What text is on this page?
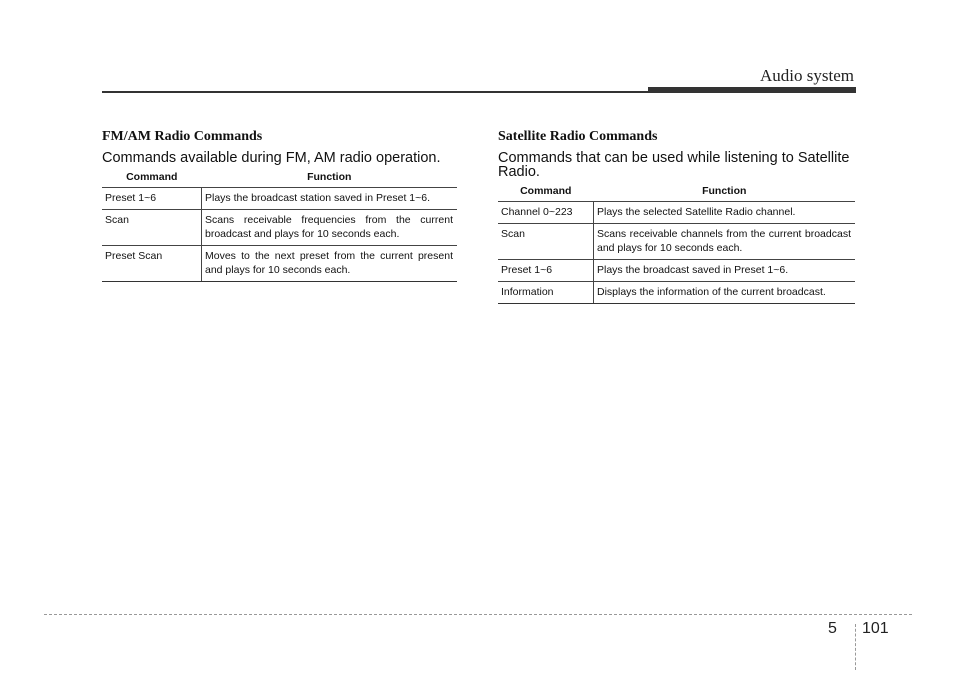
Audio system
FM/AM Radio Commands
Commands available during FM, AM radio operation.
Command	Function
Preset 1~6	Plays the broadcast station saved in Preset 1~6.
Scan	Scans receivable frequencies from the current broadcast and plays for 10 seconds each.
Preset Scan	Moves to the next preset from the current present and plays for 10 seconds each.
Satellite Radio Commands
Commands that can be used while listening to Satellite Radio.
Command	Function
Channel 0~223	Plays the selected Satellite Radio channel.
Scan	Scans receivable channels from the current broadcast and plays for 10 seconds each.
Preset 1~6	Plays the broadcast saved in Preset 1~6.
Information	Displays the information of the current broadcast.
5 101
